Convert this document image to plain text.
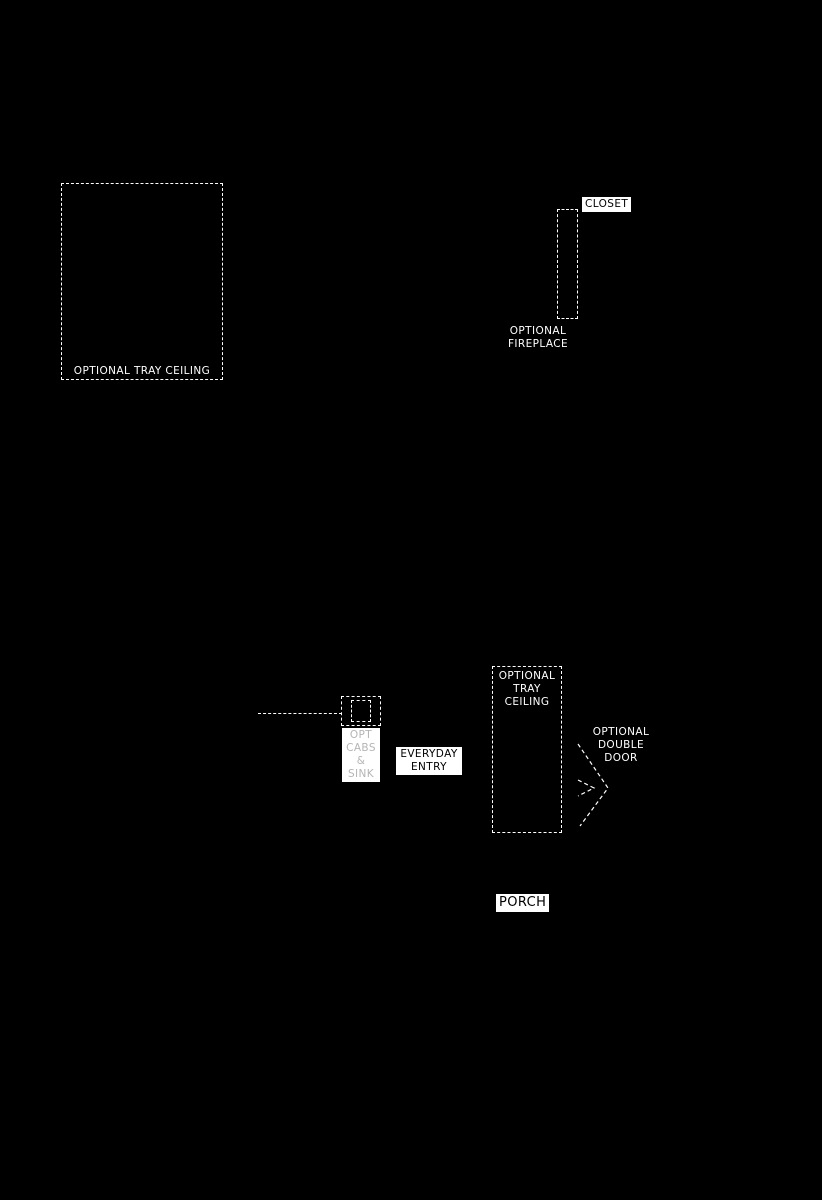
OPTIONAL TRAY CEILING
CLOSET
OPTIONAL
FIREPLACE
OPT
CABS
& SINK
EVERYDAY
ENTRY
OPTIONAL
TRAY
CEILING
OPTIONAL
DOUBLE
DOOR
PORCH
